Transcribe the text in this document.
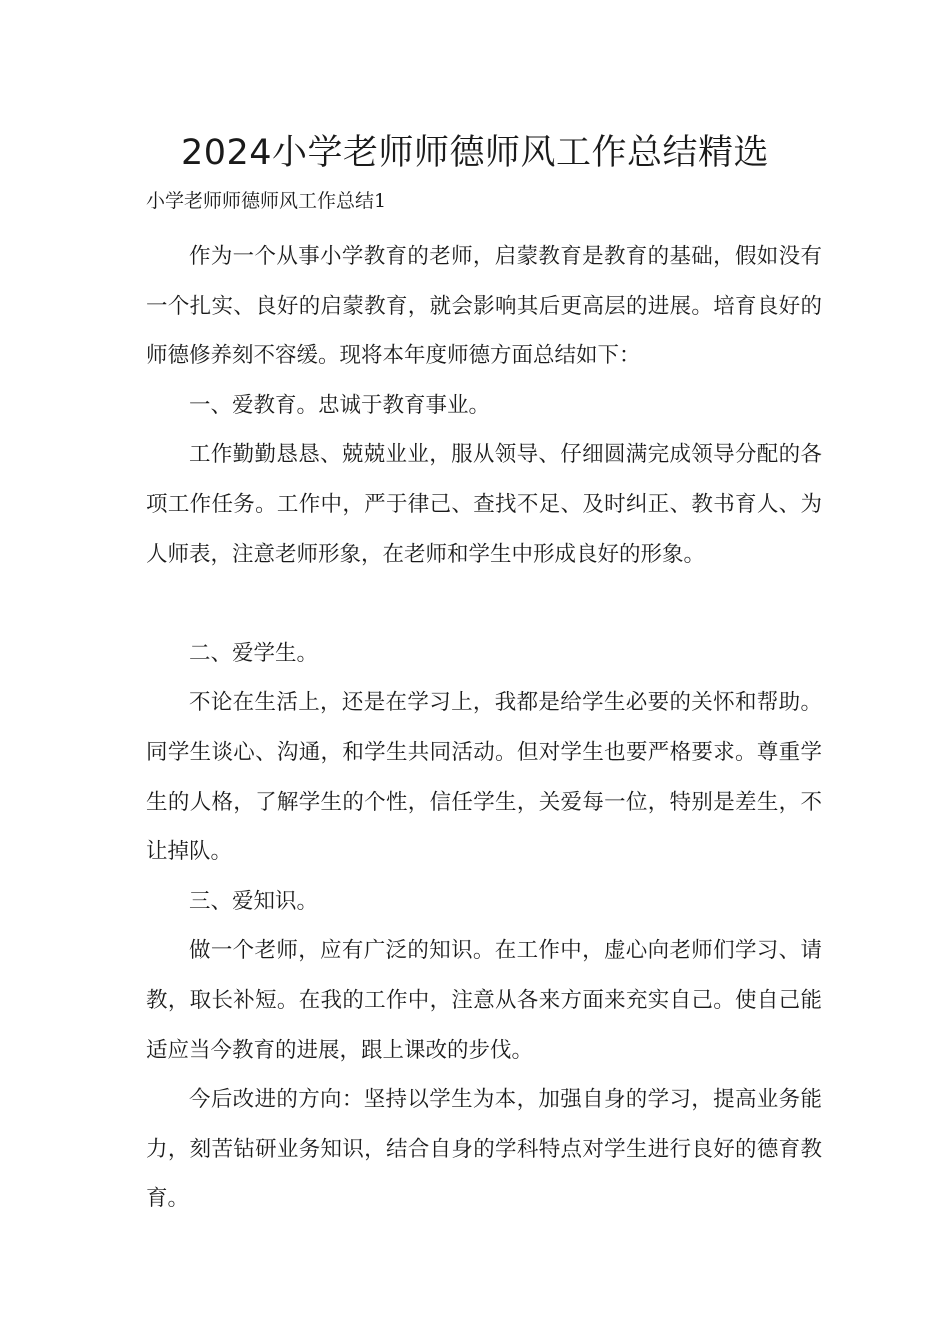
2024小学老师师德师风工作总结精选

小学老师师德师风工作总结1

作为一个从事小学教育的老师，启蒙教育是教育的基础，假如没有一个扎实、良好的启蒙教育，就会影响其后更高层的进展。培育良好的师德修养刻不容缓。现将本年度师德方面总结如下：

一、爱教育。忠诚于教育事业。

工作勤勤恳恳、兢兢业业，服从领导、仔细圆满完成领导分配的各项工作任务。工作中，严于律己、查找不足、及时纠正、教书育人、为人师表，注意老师形象，在老师和学生中形成良好的形象。

二、爱学生。

不论在生活上，还是在学习上，我都是给学生必要的关怀和帮助。同学生谈心、沟通，和学生共同活动。但对学生也要严格要求。尊重学生的人格，了解学生的个性，信任学生，关爱每一位，特别是差生，不让掉队。

三、爱知识。

做一个老师，应有广泛的知识。在工作中，虚心向老师们学习、请教，取长补短。在我的工作中，注意从各来方面来充实自己。使自己能适应当今教育的进展，跟上课改的步伐。

今后改进的方向：坚持以学生为本，加强自身的学习，提高业务能力，刻苦钻研业务知识，结合自身的学科特点对学生进行良好的德育教育。
